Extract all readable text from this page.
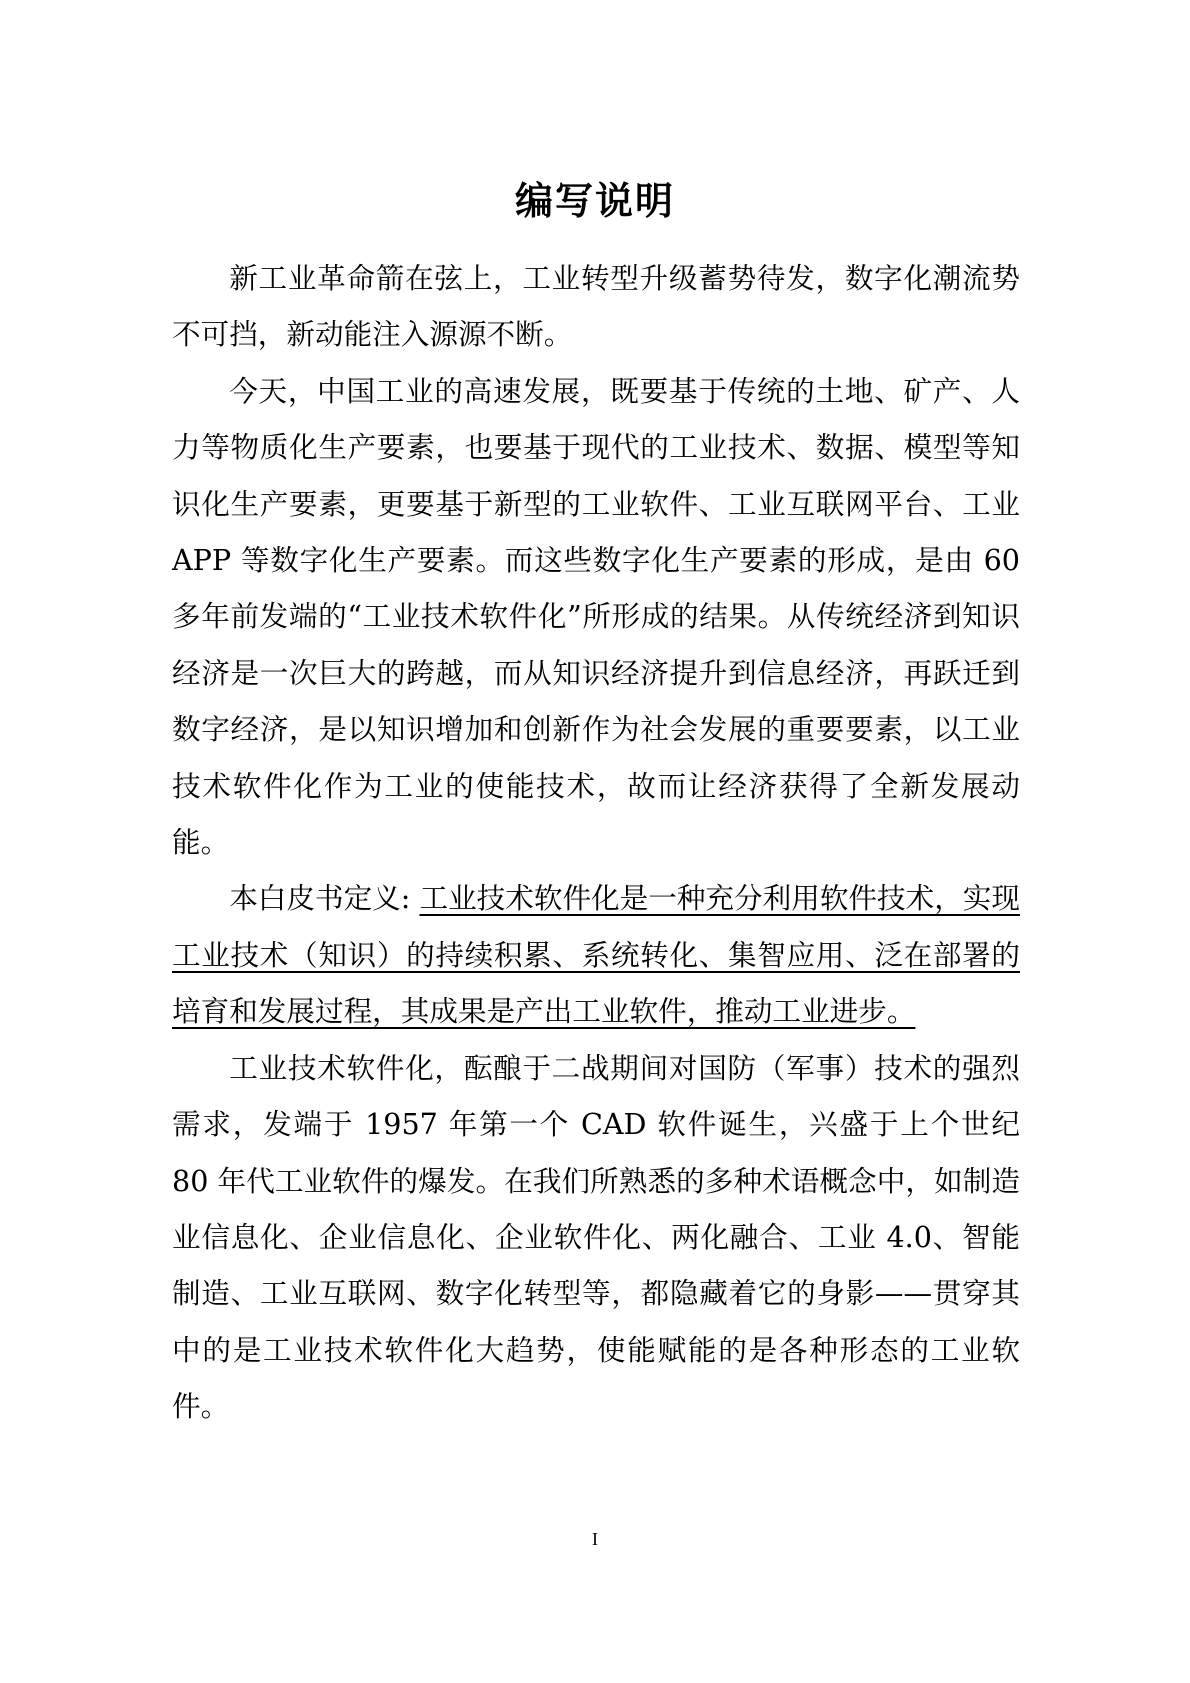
编写说明

新工业革命箭在弦上，工业转型升级蓄势待发，数字化潮流势不可挡，新动能注入源源不断。

今天，中国工业的高速发展，既要基于传统的土地、矿产、人力等物质化生产要素，也要基于现代的工业技术、数据、模型等知识化生产要素，更要基于新型的工业软件、工业互联网平台、工业 APP 等数字化生产要素。而这些数字化生产要素的形成，是由 60 多年前发端的“工业技术软件化”所形成的结果。从传统经济到知识经济是一次巨大的跨越，而从知识经济提升到信息经济，再跃迁到数字经济，是以知识增加和创新作为社会发展的重要要素，以工业技术软件化作为工业的使能技术，故而让经济获得了全新发展动能。

本白皮书定义: 工业技术软件化是一种充分利用软件技术，实现工业技术（知识）的持续积累、系统转化、集智应用、泛在部署的培育和发展过程，其成果是产出工业软件，推动工业进步。

工业技术软件化，酝酿于二战期间对国防（军事）技术的强烈需求，发端于 1957 年第一个 CAD 软件诞生，兴盛于上个世纪 80 年代工业软件的爆发。在我们所熟悉的多种术语概念中，如制造业信息化、企业信息化、企业软件化、两化融合、工业 4.0、智能制造、工业互联网、数字化转型等，都隐藏着它的身影——贯穿其中的是工业技术软件化大趋势，使能赋能的是各种形态的工业软件。

I
